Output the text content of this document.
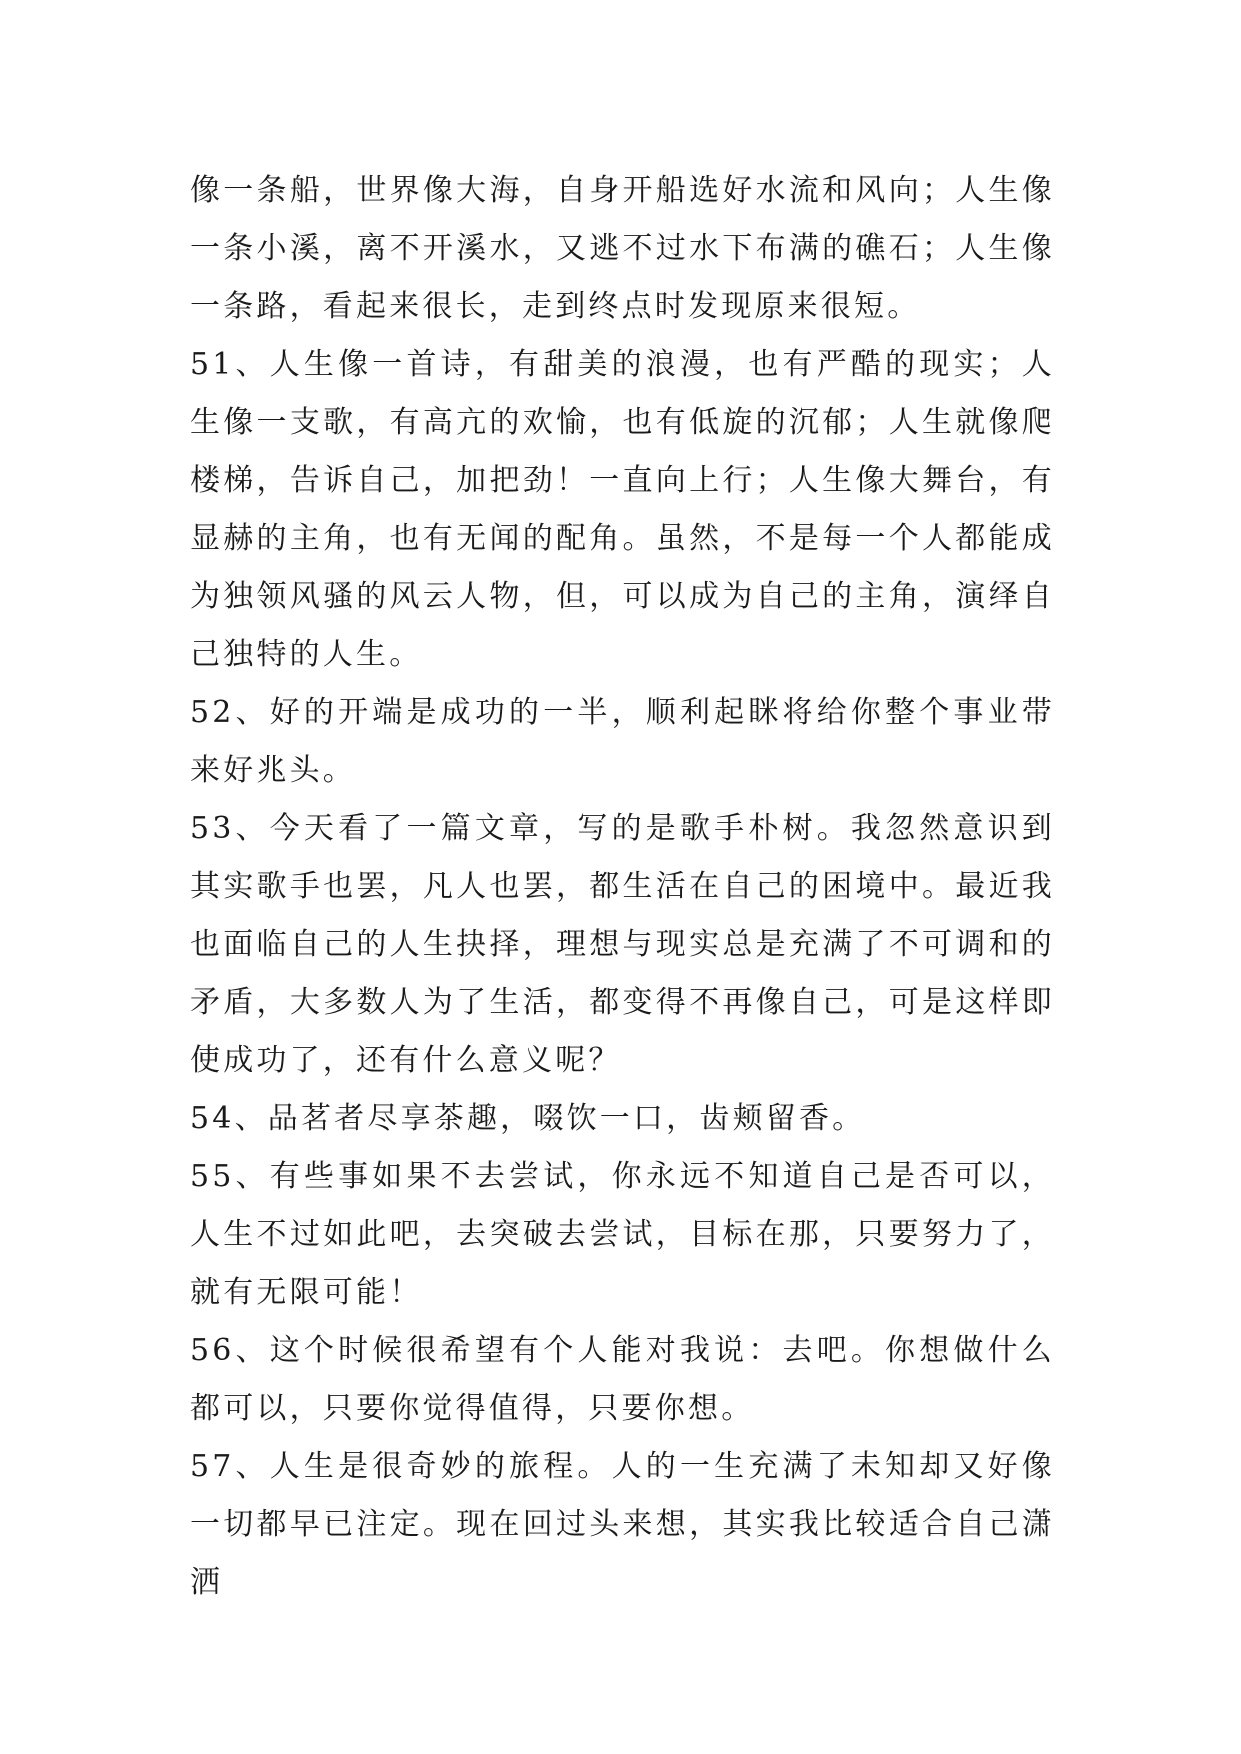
像一条船，世界像大海，自身开船选好水流和风向；人生像一条小溪，离不开溪水，又逃不过水下布满的礁石；人生像一条路，看起来很长，走到终点时发现原来很短。

51、人生像一首诗，有甜美的浪漫，也有严酷的现实；人生像一支歌，有高亢的欢愉，也有低旋的沉郁；人生就像爬楼梯，告诉自己，加把劲！一直向上行；人生像大舞台，有显赫的主角，也有无闻的配角。虽然，不是每一个人都能成为独领风骚的风云人物，但，可以成为自己的主角，演绎自己独特的人生。

52、好的开端是成功的一半，顺利起眯将给你整个事业带来好兆头。

53、今天看了一篇文章，写的是歌手朴树。我忽然意识到其实歌手也罢，凡人也罢，都生活在自己的困境中。最近我也面临自己的人生抉择，理想与现实总是充满了不可调和的矛盾，大多数人为了生活，都变得不再像自己，可是这样即使成功了，还有什么意义呢？

54、品茗者尽享茶趣，啜饮一口，齿颊留香。

55、有些事如果不去尝试，你永远不知道自己是否可以，人生不过如此吧，去突破去尝试，目标在那，只要努力了，就有无限可能！

56、这个时候很希望有个人能对我说：去吧。你想做什么都可以，只要你觉得值得，只要你想。

57、人生是很奇妙的旅程。人的一生充满了未知却又好像一切都早已注定。现在回过头来想，其实我比较适合自己潇洒
